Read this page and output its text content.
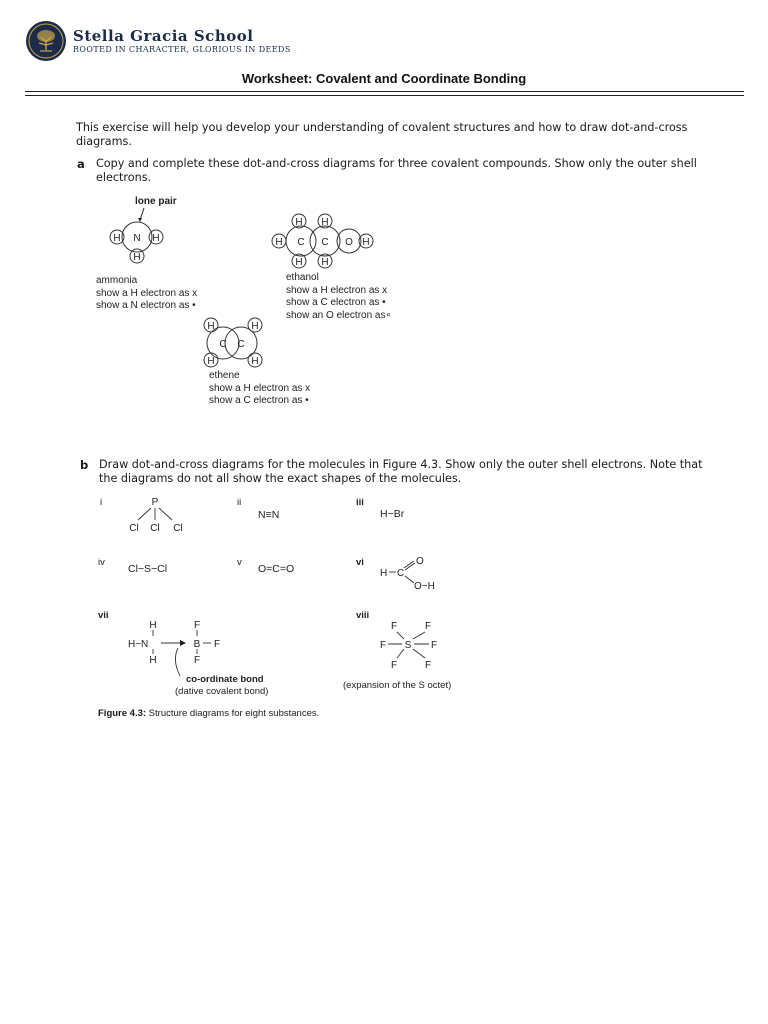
Stella Gracia School
ROOTED IN CHARACTER, GLORIOUS IN DEEDS
Worksheet: Covalent and Coordinate Bonding
This exercise will help you develop your understanding of covalent structures and how to draw dot-and-cross diagrams.
a Copy and complete these dot-and-cross diagrams for three covalent compounds. Show only the outer shell electrons.
lone pair
H N H
H
ammonia
show a H electron as x
show a N electron as •
H
H H
C C O H
H H
ethanol
show a H electron as x
show a C electron as •
show an O electron as∘
H	H
C C
H	H
ethene
show a H electron as x
show a C electron as •
b Draw dot-and-cross diagrams for the molecules in Figure 4.3. Show only the outer shell electrons. Note that the diagrams do not all show the exact shapes of the molecules.
i	ii	iii
iv	v	vi
vii	viii
P
Cl Cl Cl
N≡N	H−Br
Cl−S−Cl	O=C=O	H C
O
O−H
H
H−N
H
F
B F
F
co-ordinate bond
(dative covalent bond)
S
F	F
F	F
F	F
(expansion of the S octet)
Figure 4.3: Structure diagrams for eight substances.
